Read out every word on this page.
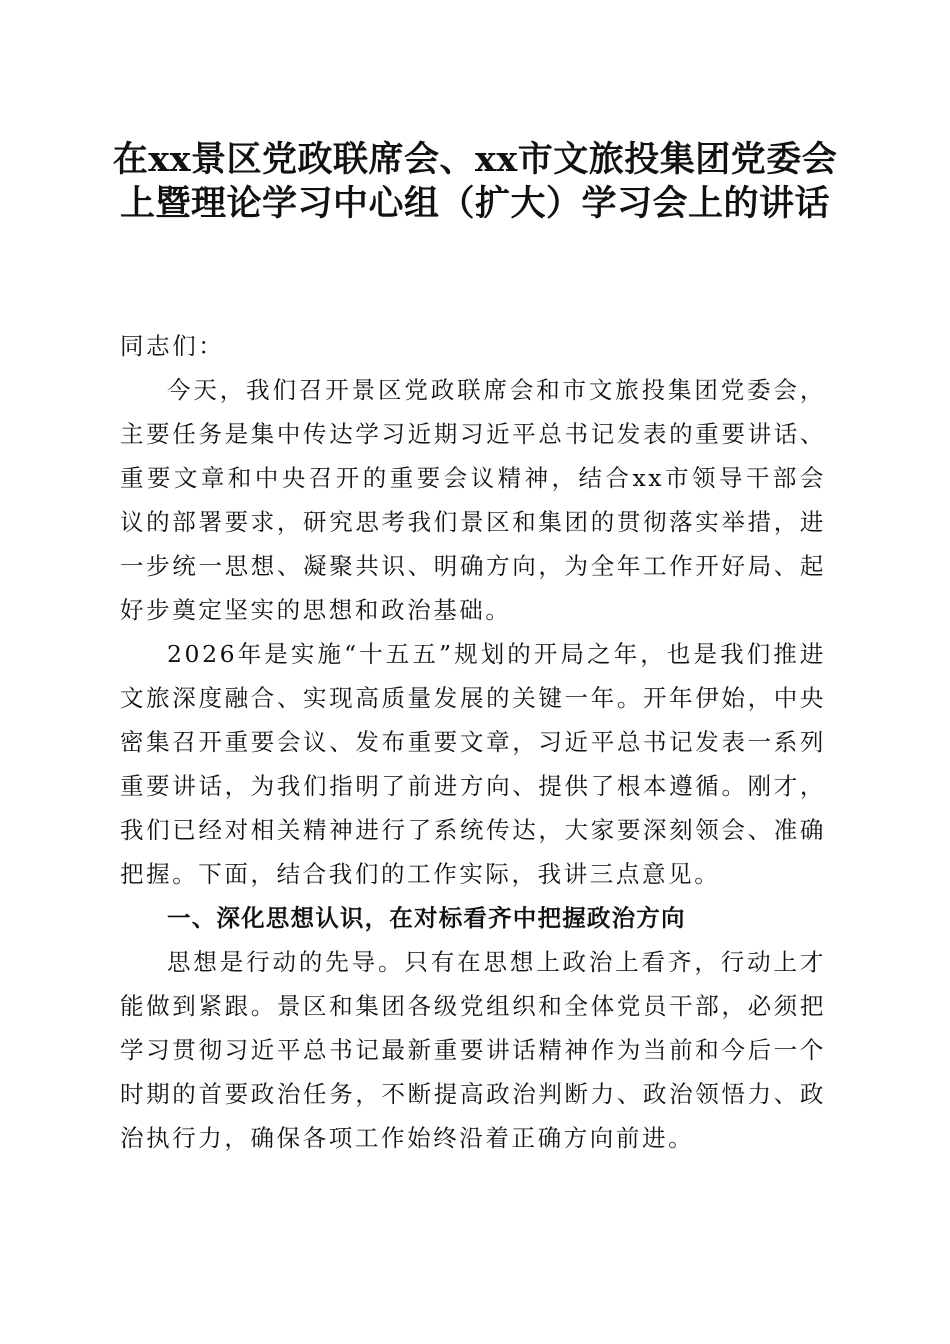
在xx景区党政联席会、xx市文旅投集团党委会上暨理论学习中心组（扩大）学习会上的讲话

同志们：

今天，我们召开景区党政联席会和市文旅投集团党委会，主要任务是集中传达学习近期习近平总书记发表的重要讲话、重要文章和中央召开的重要会议精神，结合xx市领导干部会议的部署要求，研究思考我们景区和集团的贯彻落实举措，进一步统一思想、凝聚共识、明确方向，为全年工作开好局、起好步奠定坚实的思想和政治基础。

2026年是实施“十五五”规划的开局之年，也是我们推进文旅深度融合、实现高质量发展的关键一年。开年伊始，中央密集召开重要会议、发布重要文章，习近平总书记发表一系列重要讲话，为我们指明了前进方向、提供了根本遵循。刚才，我们已经对相关精神进行了系统传达，大家要深刻领会、准确把握。下面，结合我们的工作实际，我讲三点意见。

一、深化思想认识，在对标看齐中把握政治方向

思想是行动的先导。只有在思想上政治上看齐，行动上才能做到紧跟。景区和集团各级党组织和全体党员干部，必须把学习贯彻习近平总书记最新重要讲话精神作为当前和今后一个时期的首要政治任务，不断提高政治判断力、政治领悟力、政治执行力，确保各项工作始终沿着正确方向前进。
